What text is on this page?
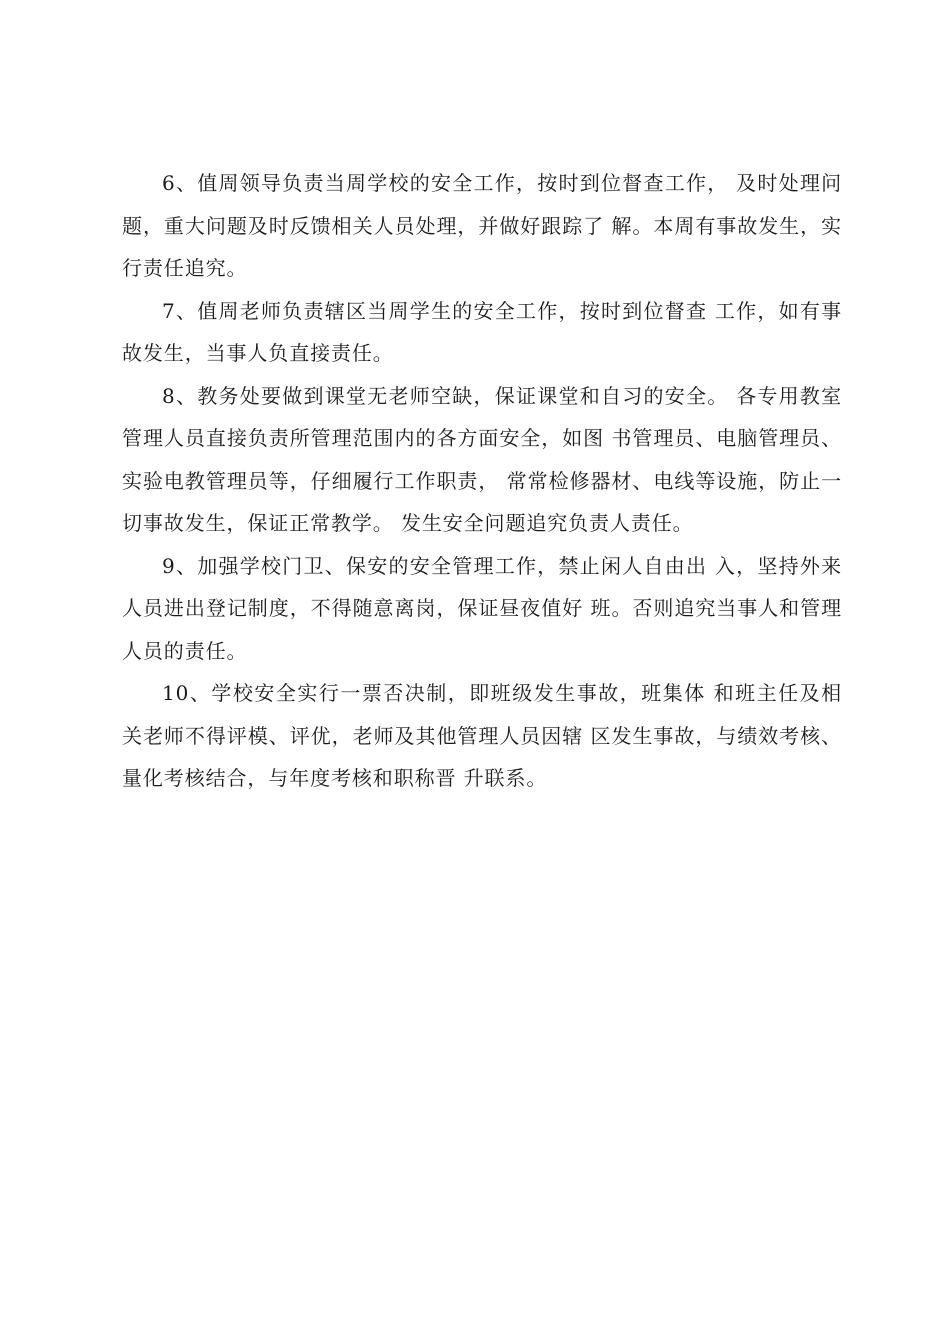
6、值周领导负责当周学校的安全工作，按时到位督查工作， 及时处理问题，重大问题及时反馈相关人员处理，并做好跟踪了 解。本周有事故发生，实行责任追究。

7、值周老师负责辖区当周学生的安全工作，按时到位督查 工作，如有事故发生，当事人负直接责任。

8、教务处要做到课堂无老师空缺，保证课堂和自习的安全。 各专用教室管理人员直接负责所管理范围内的各方面安全，如图 书管理员、电脑管理员、实验电教管理员等，仔细履行工作职责， 常常检修器材、电线等设施，防止一切事故发生，保证正常教学。 发生安全问题追究负责人责任。

9、加强学校门卫、保安的安全管理工作，禁止闲人自由出 入，坚持外来人员进出登记制度，不得随意离岗，保证昼夜值好 班。否则追究当事人和管理人员的责任。

10、学校安全实行一票否决制，即班级发生事故，班集体 和班主任及相关老师不得评模、评优，老师及其他管理人员因辖 区发生事故，与绩效考核、量化考核结合，与年度考核和职称晋 升联系。
